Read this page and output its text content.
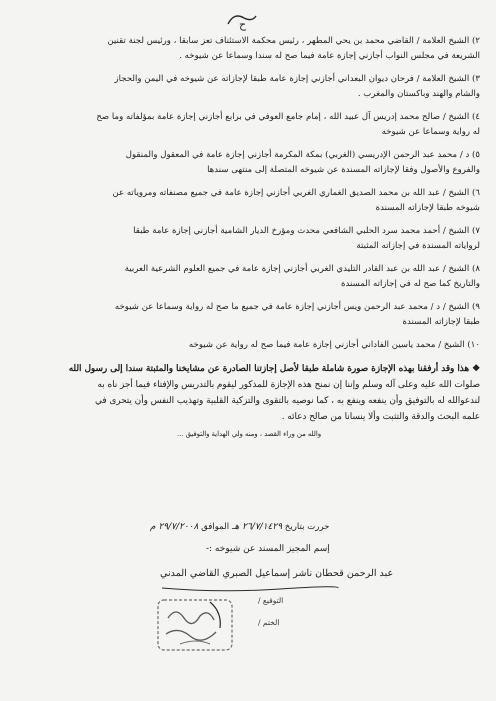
ح
٢) الشيخ العلامة / القاضي محمد بن يحي المطهر ، رئيس محكمة الاستئناف تعز سابقا ، ورئيس لجنة تقنين
الشريعة في مجلس النواب أجازني إجازة عامة فيما صح له سندا وسماعا عن شيوخه .
٣) الشيخ العلامة / فرحان ديوان البعداني أجازني إجازة عامة طبقا لإجازاته عن شيوخه في اليمن والحجاز
والشام والهند وباكستان والمغرب .
٤) الشيخ / صالح محمد إدريس آل عبيد الله ، إمام جامع العوفي في برابع أجازني إجازة عامة بمؤلفاته وما صح
له رواية وسماعا عن شيوخه
٥) د / محمد عبد الرحمن الإدريسي (الغربي) بمكة المكرمة أجازني إجازة عامة في المعقول والمنقول
والفروع والأصول وفقا لإجازاته المسندة عن شيوخه المتصلة إلى منتهى سندها
٦) الشيخ / عبد الله بن محمد الصديق الغماري الغربي أجازني إجازة عامة في جميع مصنفاته ومروياته عن
شيوخه طبقا لإجازاته المسندة
٧) الشيخ / أحمد محمد سرد الحلبي الشافعي محدث ومؤرخ الديار الشامية أجازني إجازة عامة طبقا
لرواياته المسندة في إجازاته المثبتة
٨) الشيخ / عبد الله بن عبد القادر التليدي الغربي أجازني إجازة عامة في جميع العلوم الشرعية العربية
والتاريخ كما صح له في إجازاته المسندة
٩) الشيخ / د / محمد عبد الرحمن ويس أجازني إجازة عامة في جميع ما صح له رواية وسماعا عن شيوخه
طبقا لإجازاته المسندة
١٠) الشيخ / محمد ياسين الفاداني أجازني إجازة عامة فيما صح له رواية عن شيوخه
❖ هذا وقد أرفقنا بهذه الإجازة صورة شاملة طبقا لأصل إجازتنا الصادرة عن مشايخنا والمثبتة سندا إلى رسول الله
صلوات الله عليه وعلى آله وسلم وإننا إن نمنح هذه الإجازة للمذكور ليقوم بالتدريس والإفتاء فيما أجز ناه به
لندعوالله له بالتوفيق وأن ينفعه وينفع به ، كما نوصيه بالتقوى والتزكية القلبية وتهذيب النفس وأن يتحرى في
علمه البحث والدقة والتثبت وألا ينسانا من صالح دعائه .
والله من وراء القصد ، ومنه ولي الهداية والتوفيق ...
حررت بتاريخ ٢٦/٧/١٤٢٩ هـ الموافق ٢٩/٧/٢٠٠٨ م
إسم المجيز المسند عن شيوخه :-
عبد الرحمن قحطان ناشر إسماعيل الصبري القاضي المدني
التوقيع /
الختم /
